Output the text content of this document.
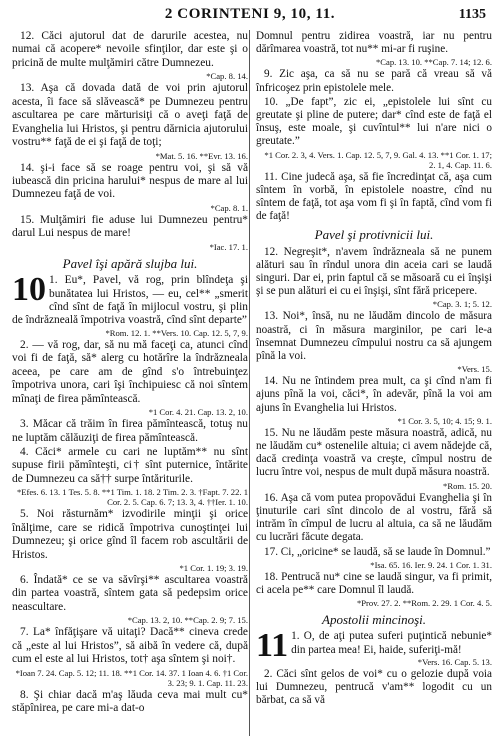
2 CORINTENI 9, 10, 11.	1135

12. Căci ajutorul dat de darurile acestea, nu numai că acopere* nevoile sfinţilor, dar este şi o pricină de multe mulţămiri către Dumnezeu.

*Cap. 8. 14.

13. Aşa că dovada dată de voi prin ajutorul acesta, îi face să slăvească* pe Dumnezeu pentru ascultarea pe care mărturisiţi că o aveţi faţă de Evanghelia lui Hristos, şi pentru dărnicia ajutorului vostru** faţă de ei şi faţă de toţi;

*Mat. 5. 16. **Evr. 13. 16.

14. şi-i face să se roage pentru voi, şi să vă iubească din pricina harului* nespus de mare al lui Dumnezeu faţă de voi.

*Cap. 8. 1.

15. Mulţămiri fie aduse lui Dumnezeu pentru* darul Lui nespus de mare!

*Iac. 17. 1.
Pavel îşi apără slujba lui.

10 1. Eu*, Pavel, vă rog, prin blîndeţa şi bunătatea lui Hristos, — eu, cel** „smerit cînd sînt de faţă în mijlocul vostru, şi plin de îndrăzneală împotriva voastră, cînd sînt departe”

*Rom. 12. 1. **Vers. 10. Cap. 12. 5, 7, 9.

2. — vă rog, dar, să nu mă faceţi ca, atunci cînd voi fi de faţă, să* alerg cu hotărîre la îndrăzneala aceea, pe care am de gînd s'o întrebuinţez împotriva unora, cari îşi închipuiesc că noi sîntem mînaţi de firea pămîntească.

*1 Cor. 4. 21. Cap. 13. 2, 10.

3. Măcar că trăim în firea pămîntească, totuş nu ne luptăm călăuziţi de firea pămîntească.

4. Căci* armele cu cari ne luptăm** nu sînt supuse firii pămînteşti, ci† sînt puternice, întărite de Dumnezeu ca să†† surpe întăriturile.

*Efes. 6. 13. 1 Tes. 5. 8. **1 Tim. 1. 18. 2 Tim. 2. 3. †Fapt. 7. 22. 1 Cor. 2. 5. Cap. 6. 7; 13. 3, 4. ††Ier. 1. 10.

5. Noi răsturnăm* izvodirile minţii şi orice înălţime, care se ridică împotriva cunoştinţei lui Dumnezeu; şi orice gînd îl facem rob ascultării de Hristos.

*1 Cor. 1. 19; 3. 19.

6. Îndată* ce se va săvîrşi** ascultarea voastră din partea voastră, sîntem gata să pedepsim orice neascultare.

*Cap. 13. 2, 10. **Cap. 2. 9; 7. 15.

7. La* înfăţişare vă uitaţi? Dacă** cineva crede că „este al lui Hristos”, să aibă în vedere că, după cum el este al lui Hristos, tot† aşa sîntem şi noi†.

*Ioan 7. 24. Cap. 5. 12; 11. 18. **1 Cor. 14. 37. 1 Ioan 4. 6. †1 Cor. 3. 23; 9. 1. Cap. 11. 23.

8. Şi chiar dacă m'aş lăuda ceva mai mult cu* stăpînirea, pe care mi-a dat-o

Domnul pentru zidirea voastră, iar nu pentru dărîmarea voastră, tot nu** mi-ar fi ruşine.

*Cap. 13. 10. **Cap. 7. 14; 12. 6.

9. Zic aşa, ca să nu se pară că vreau să vă înfricoşez prin epistolele mele.

10. „De fapt”, zic ei, „epistolele lui sînt cu greutate şi pline de putere; dar* cînd este de faţă el însuş, este moale, şi cuvîntul** lui n'are nici o greutate.”

*1 Cor. 2. 3, 4. Vers. 1. Cap. 12. 5, 7, 9. Gal. 4. 13. **1 Cor. 1. 17; 2. 1, 4. Cap. 11. 6.

11. Cine judecă aşa, să fie încredinţat că, aşa cum sîntem în vorbă, în epistolele noastre, cînd nu sîntem de faţă, tot aşa vom fi şi în faptă, cînd vom fi de faţă!

Pavel şi protivnicii lui.

12. Negreşit*, n'avem îndrăzneala să ne punem alături sau în rîndul unora din aceia cari se laudă singuri. Dar ei, prin faptul că se măsoară cu ei înşişi şi se pun alături ei cu ei înşişi, sînt fără pricepere.

*Cap. 3. 1; 5. 12.

13. Noi*, însă, nu ne lăudăm dincolo de măsura noastră, ci în măsura marginilor, pe cari le-a însemnat Dumnezeu cîmpului nostru ca să ajungem pînă la voi.

*Vers. 15.

14. Nu ne întindem prea mult, ca şi cînd n'am fi ajuns pînă la voi, căci*, în adevăr, pînă la voi am ajuns în Evanghelia lui Hristos.

*1 Cor. 3. 5, 10; 4. 15; 9. 1.

15. Nu ne lăudăm peste măsura noastră, adică, nu ne lăudăm cu* ostenelile altuia; ci avem nădejde că, dacă credinţa voastră va creşte, cîmpul nostru de lucru între voi, nespus de mult după măsura noastră.

*Rom. 15. 20.

16. Aşa că vom putea propovădui Evanghelia şi în ţinuturile cari sînt dincolo de al vostru, fără să intrăm în cîmpul de lucru al altuia, ca să ne lăudăm cu lucrări făcute degata.

17. Ci, „oricine* se laudă, să se laude în Domnul.”

*Isa. 65. 16. Ier. 9. 24. 1 Cor. 1. 31.

18. Pentrucă nu* cine se laudă singur, va fi primit, ci acela pe** care Domnul îl laudă.

*Prov. 27. 2. **Rom. 2. 29. 1 Cor. 4. 5.
Apostolii mincinoşi.

11 1. O, de aţi putea suferi puţintică nebunie* din partea mea! Ei, haide, suferiţi-mă!

*Vers. 16. Cap. 5. 13.

2. Căci sînt gelos de voi* cu o gelozie după voia lui Dumnezeu, pentrucă v'am** logodit cu un bărbat, ca să vă
